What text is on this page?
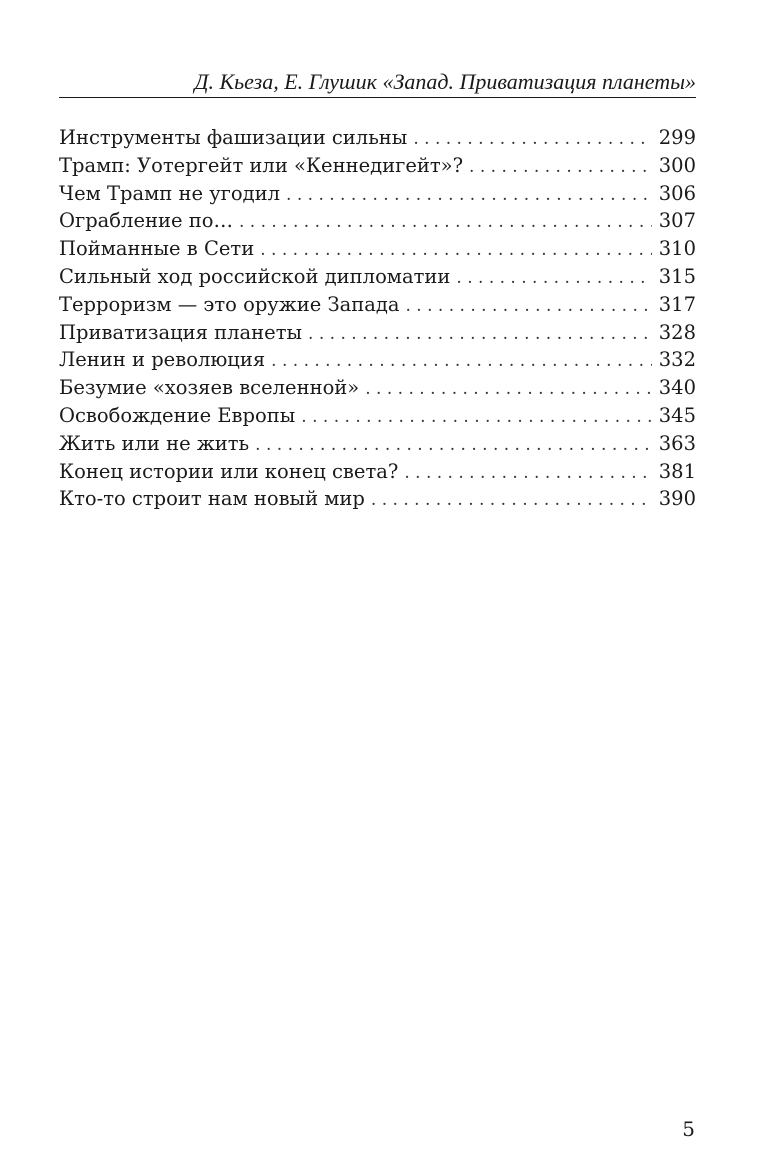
Д. Кьеза, Е. Глушик «Запад. Приватизация планеты»
Инструменты фашизации сильны . . .	299
Трамп: Уотергейт или «Кеннедигейт»? . . .	300
Чем Трамп не угодил . . .	306
Ограбление по… . . .	307
Пойманные в Сети . . .	310
Сильный ход российской дипломатии . . .	315
Терроризм — это оружие Запада . . .	317
Приватизация планеты . . .	328
Ленин и революция . . .	332
Безумие «хозяев вселенной» . . .	340
Освобождение Европы . . .	345
Жить или не жить . . .	363
Конец истории или конец света? . . .	381
Кто-то строит нам новый мир . . .	390
5
